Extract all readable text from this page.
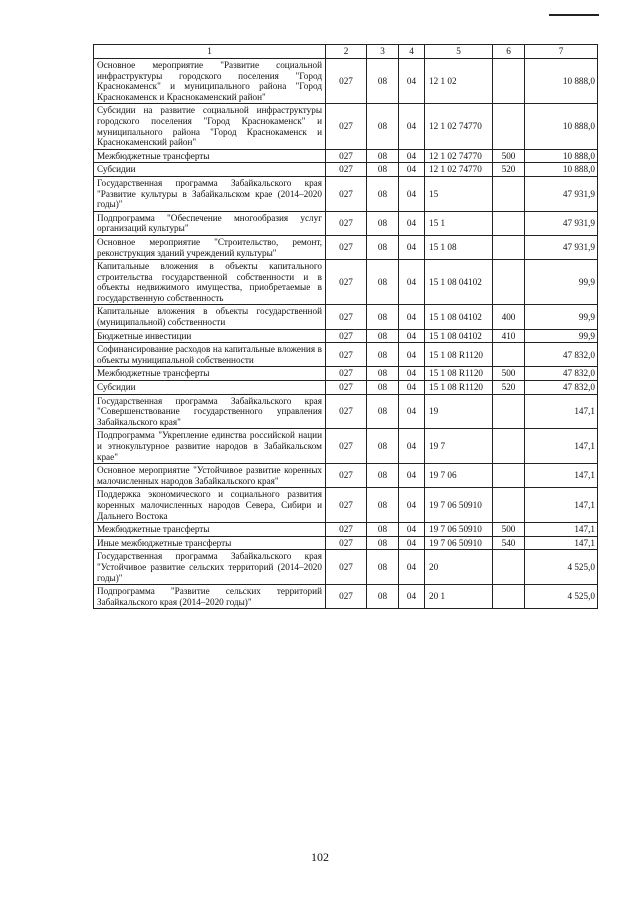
1	2	3	4	5	6	7
Основное мероприятие "Развитие социальной инфраструктуры городского поселения "Город Краснокаменск" и муниципального района "Город Краснокаменск и Краснокаменский район"	027	08	04	12 1 02		10 888,0
Субсидии на развитие социальной инфраструктуры городского поселения "Город Краснокаменск" и муниципального района "Город Краснокаменск и Краснокаменский район"	027	08	04	12 1 02 74770		10 888,0
Межбюджетные трансферты	027	08	04	12 1 02 74770	500	10 888,0
Субсидии	027	08	04	12 1 02 74770	520	10 888,0
Государственная программа Забайкальского края "Развитие культуры в Забайкальском крае (2014–2020 годы)"	027	08	04	15		47 931,9
Подпрограмма "Обеспечение многообразия услуг организаций культуры"	027	08	04	15 1		47 931,9
Основное мероприятие "Строительство, ремонт, реконструкция зданий учреждений культуры"	027	08	04	15 1 08		47 931,9
Капитальные вложения в объекты капитального строительства государственной собственности и в объекты недвижимого имущества, приобретаемые в государственную собственность	027	08	04	15 1 08 04102		99,9
Капитальные вложения в объекты государственной (муниципальной) собственности	027	08	04	15 1 08 04102	400	99,9
Бюджетные инвестиции	027	08	04	15 1 08 04102	410	99,9
Софинансирование расходов на капитальные вложения в объекты муниципальной собственности	027	08	04	15 1 08 R1120		47 832,0
Межбюджетные трансферты	027	08	04	15 1 08 R1120	500	47 832,0
Субсидии	027	08	04	15 1 08 R1120	520	47 832,0
Государственная программа Забайкальского края "Совершенствование государственного управления Забайкальского края"	027	08	04	19		147,1
Подпрограмма "Укрепление единства российской нации и этнокультурное развитие народов в Забайкальском крае"	027	08	04	19 7		147,1
Основное мероприятие "Устойчивое развитие коренных малочисленных народов Забайкальского края"	027	08	04	19 7 06		147,1
Поддержка экономического и социального развития коренных малочисленных народов Севера, Сибири и Дальнего Востока	027	08	04	19 7 06 50910		147,1
Межбюджетные трансферты	027	08	04	19 7 06 50910	500	147,1
Иные межбюджетные трансферты	027	08	04	19 7 06 50910	540	147,1
Государственная программа Забайкальского края "Устойчивое развитие сельских территорий (2014–2020 годы)"	027	08	04	20		4 525,0
Подпрограмма "Развитие сельских территорий Забайкальского края (2014–2020 годы)"	027	08	04	20 1		4 525,0
102
